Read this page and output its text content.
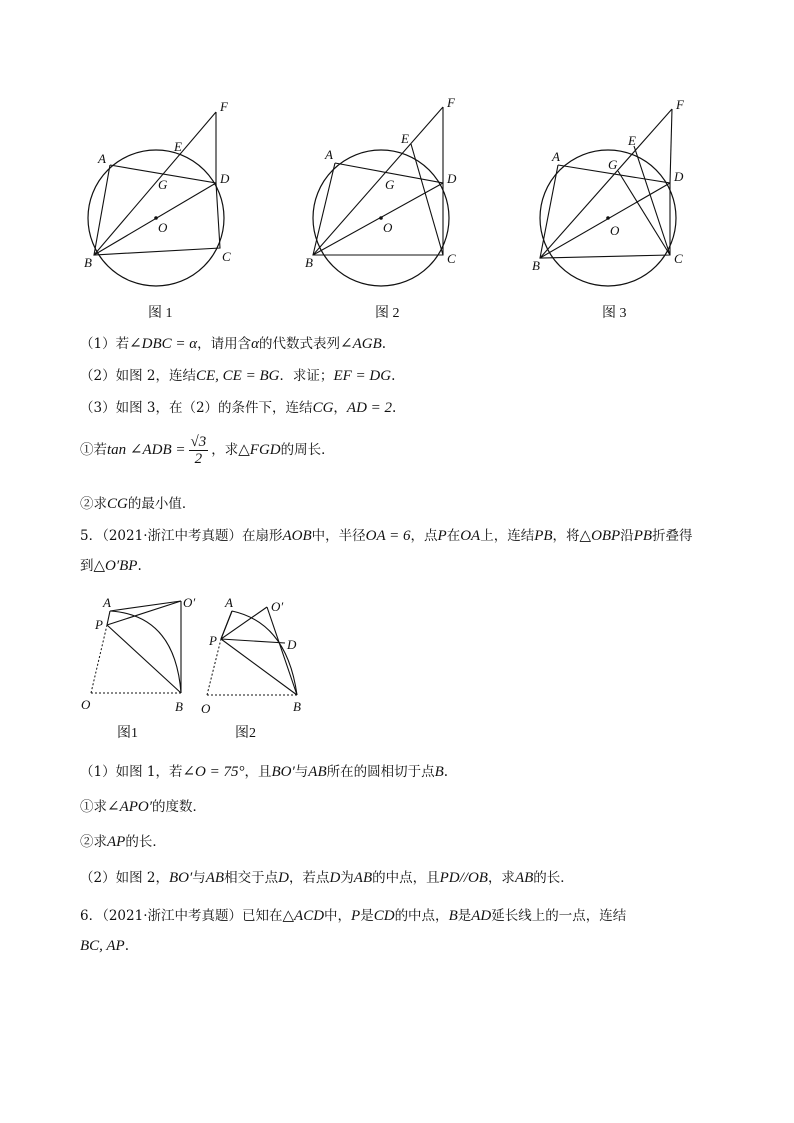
F
E
A
G	D
O
C
B
图 1
F
E
A
G	D
O
C
B
图 2
F
E
A
G
D
O
C
B
图 3
（1）若∠DBC = α，请用含α的代数式表列∠AGB.
（2）如图 2，连结CE, CE = BG．求证；EF = DG.
（3）如图 3，在（2）的条件下，连结CG，AD = 2.
①若tan ∠ADB = $\frac{√3}{2}$ ，求△FGD的周长．
②求CG的最小值．
5．（2021·浙江中考真题）在扇形AOB中，半径OA = 6，点P在OA上，连结PB，将△OBP沿PB折叠得
到△O′BP.
A	O′
P
O	B
图1
A	O′
P	D
O	B
图2
（1）如图 1，若∠O = 75°，且BO′与AB所在的圆相切于点B.
①求∠APO′的度数．
②求AP的长．
（2）如图 2，BO′与AB相交于点D，若点D为AB的中点，且PD//OB，求AB的长．
6．（2021·浙江中考真题）已知在△ACD中，P是CD的中点，B是AD延长线上的一点，连结
BC, AP.
